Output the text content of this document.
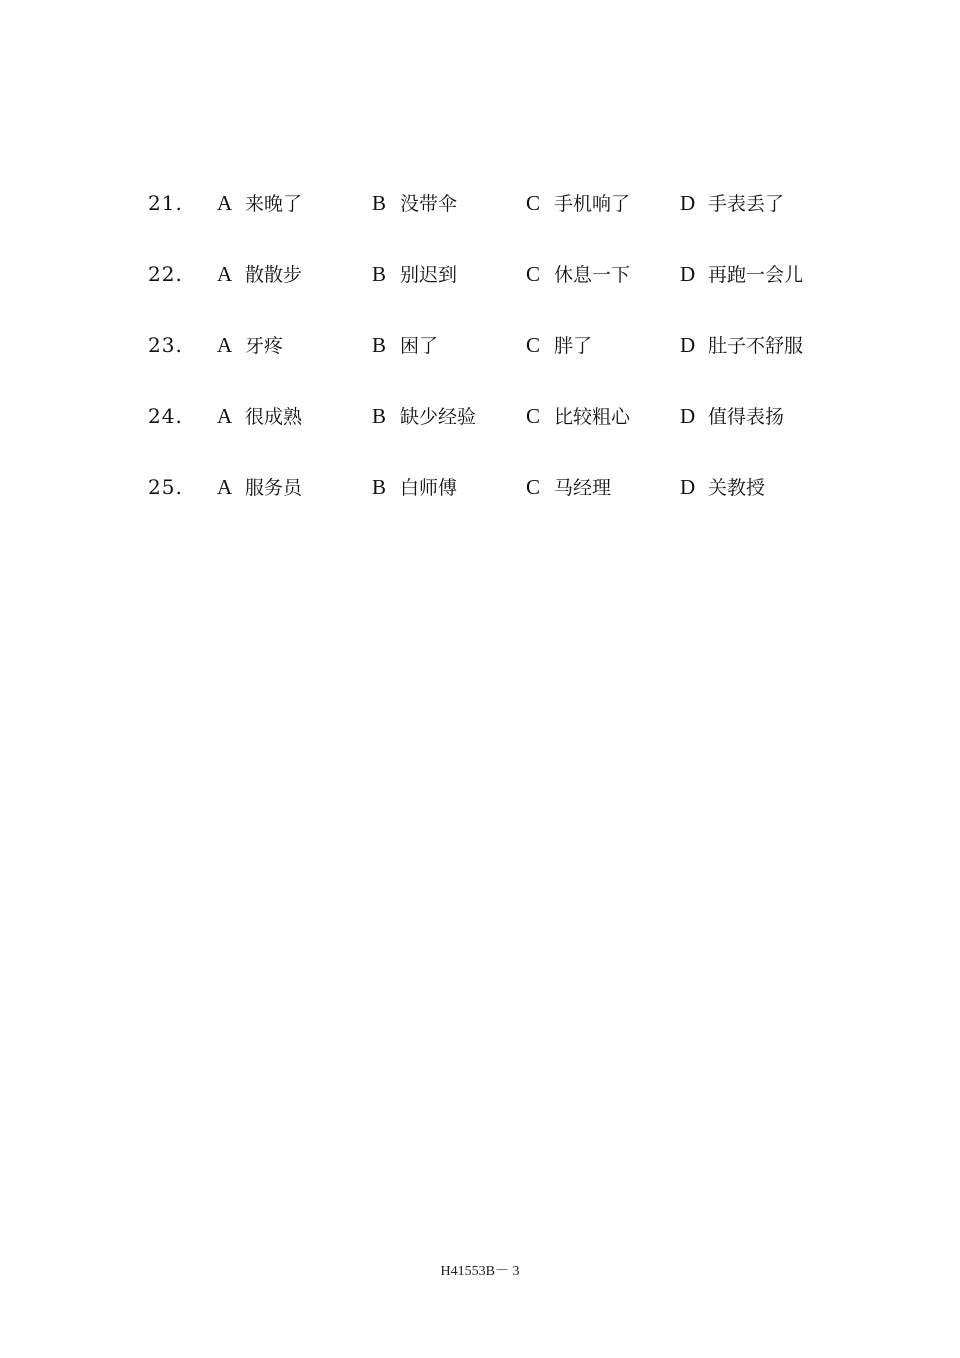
21.	A 来晚了	B 没带伞	C 手机响了 D 手表丢了
22.	A 散散步	B 别迟到	C 休息一下 D 再跑一会儿
23.	A 牙疼	B 困了	C 胖了	D 肚子不舒服
24.	A 很成熟	B 缺少经验 C 比较粗心 D 值得表扬
25.	A 服务员	B 白师傅	C 马经理	D 关教授
H41553B－ 3
